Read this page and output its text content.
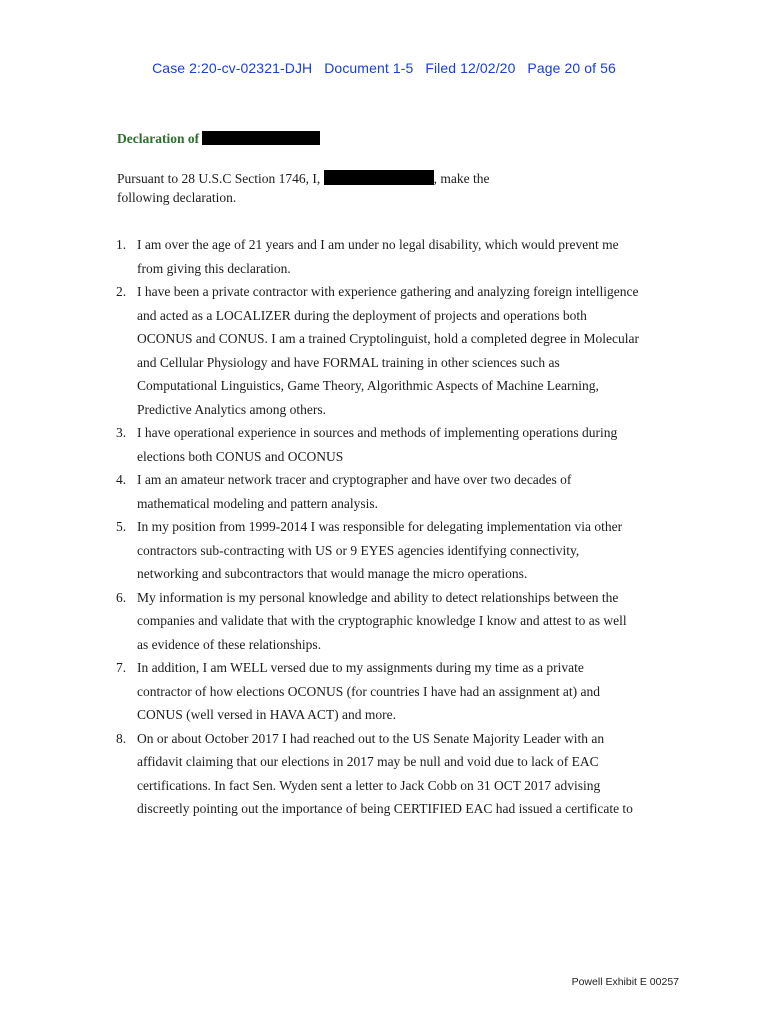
Case 2:20-cv-02321-DJH   Document 1-5   Filed 12/02/20   Page 20 of 56
Declaration of
Pursuant to 28 U.S.C Section 1746, I,	, make the
following declaration.
1. I am over the age of 21 years and I am under no legal disability, which would prevent me
from giving this declaration.
2. I have been a private contractor with experience gathering and analyzing foreign intelligence
and acted as a LOCALIZER during the deployment of projects and operations both
OCONUS and CONUS. I am a trained Cryptolinguist, hold a completed degree in Molecular
and Cellular Physiology and have FORMAL training in other sciences such as
Computational Linguistics, Game Theory, Algorithmic Aspects of Machine Learning,
Predictive Analytics among others.
3. I have operational experience in sources and methods of implementing operations during
elections both CONUS and OCONUS
4. I am an amateur network tracer and cryptographer and have over two decades of
mathematical modeling and pattern analysis.
5. In my position from 1999-2014 I was responsible for delegating implementation via other
contractors sub-contracting with US or 9 EYES agencies identifying connectivity,
networking and subcontractors that would manage the micro operations.
6. My information is my personal knowledge and ability to detect relationships between the
companies and validate that with the cryptographic knowledge I know and attest to as well
as evidence of these relationships.
7. In addition, I am WELL versed due to my assignments during my time as a private
contractor of how elections OCONUS (for countries I have had an assignment at) and
CONUS (well versed in HAVA ACT) and more.
8. On or about October 2017 I had reached out to the US Senate Majority Leader with an
affidavit claiming that our elections in 2017 may be null and void due to lack of EAC
certifications. In fact Sen. Wyden sent a letter to Jack Cobb on 31 OCT 2017 advising
discreetly pointing out the importance of being CERTIFIED EAC had issued a certificate to
Powell Exhibit E 00257
